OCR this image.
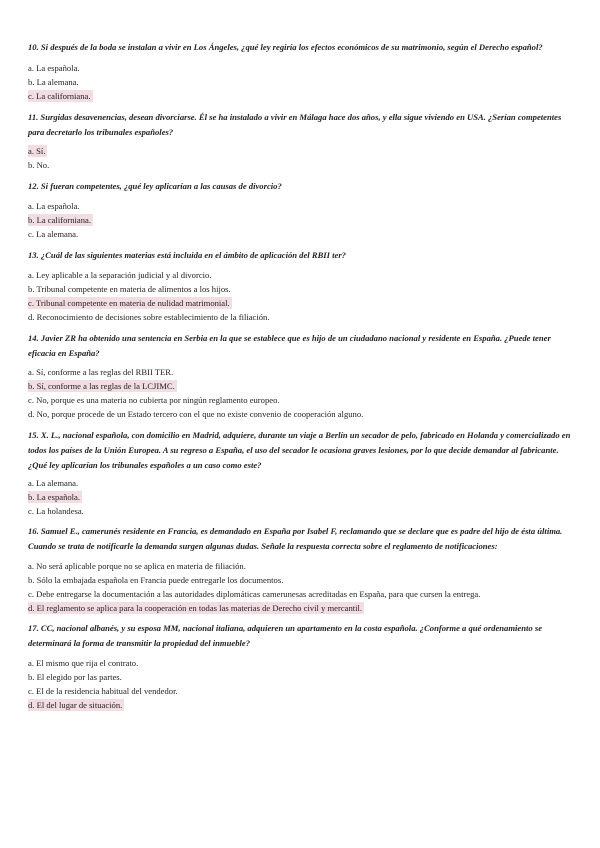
10. Si después de la boda se instalan a vivir en Los Ángeles, ¿qué ley regiría los efectos económicos de su matrimonio, según el Derecho español?
a. La española.
b. La alemana.
c. La californiana.
11. Surgidas desavenencias, desean divorciarse. Él se ha instalado a vivir en Málaga hace dos años, y ella sigue viviendo en USA. ¿Serían competentes para decretarlo los tribunales españoles?
a. Sí.
b. No.
12. Si fueran competentes, ¿qué ley aplicarían a las causas de divorcio?
a. La española.
b. La californiana.
c. La alemana.
13. ¿Cuál de las siguientes materias está incluida en el ámbito de aplicación del RBII ter?
a. Ley aplicable a la separación judicial y al divorcio.
b. Tribunal competente en materia de alimentos a los hijos.
c. Tribunal competente en materia de nulidad matrimonial.
d. Reconocimiento de decisiones sobre establecimiento de la filiación.
14. Javier ZR ha obtenido una sentencia en Serbia en la que se establece que es hijo de un ciudadano nacional y residente en España. ¿Puede tener eficacia en España?
a. Sí, conforme a las reglas del RBII TER.
b. Sí, conforme a las reglas de la LCJIMC.
c. No, porque es una materia no cubierta por ningún reglamento europeo.
d. No, porque procede de un Estado tercero con el que no existe convenio de cooperación alguno.
15. X. L., nacional española, con domicilio en Madrid, adquiere, durante un viaje a Berlín un secador de pelo, fabricado en Holanda y comercializado en todos los países de la Unión Europea. A su regreso a España, el uso del secador le ocasiona graves lesiones, por lo que decide demandar al fabricante. ¿Qué ley aplicarían los tribunales españoles a un caso como este?
a. La alemana.
b. La española.
c. La holandesa.
16. Samuel E., camerunés residente en Francia, es demandado en España por Isabel F, reclamando que se declare que es padre del hijo de ésta última. Cuando se trata de notificarle la demanda surgen algunas dudas. Señale la respuesta correcta sobre el reglamento de notificaciones:
a. No será aplicable porque no se aplica en materia de filiación.
b. Sólo la embajada española en Francia puede entregarle los documentos.
c. Debe entregarse la documentación a las autoridades diplomáticas camerunesas acreditadas en España, para que cursen la entrega.
d. El reglamento se aplica para la cooperación en todas las materias de Derecho civil y mercantil.
17. CC, nacional albanés, y su esposa MM, nacional italiana, adquieren un apartamento en la costa española. ¿Conforme a qué ordenamiento se determinará la forma de transmitir la propiedad del inmueble?
a. El mismo que rija el contrato.
b. El elegido por las partes.
c. El de la residencia habitual del vendedor.
d. El del lugar de situación.
